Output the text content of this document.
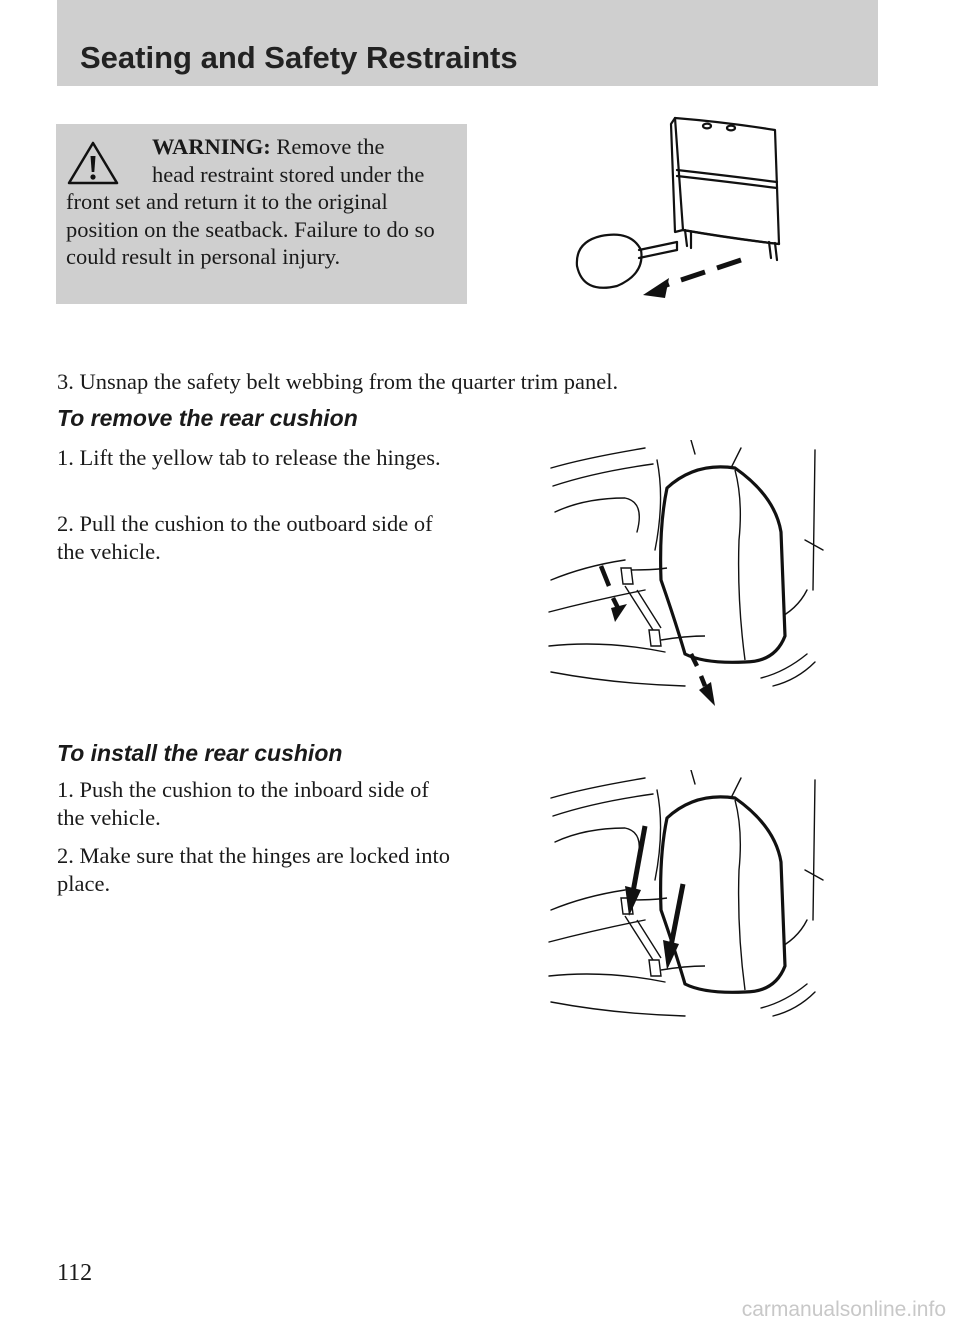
Seating and Safety Restraints

WARNING: Remove the
head restraint stored under the front set and return it to the original position on the seatback. Failure to do so could result in personal injury.

3. Unsnap the safety belt webbing from the quarter trim panel.

To remove the rear cushion

1. Lift the yellow tab to release the hinges.

2. Pull the cushion to the outboard side of the vehicle.

To install the rear cushion

1. Push the cushion to the inboard side of the vehicle.

2. Make sure that the hinges are locked into place.

112
carmanualsonline.info
